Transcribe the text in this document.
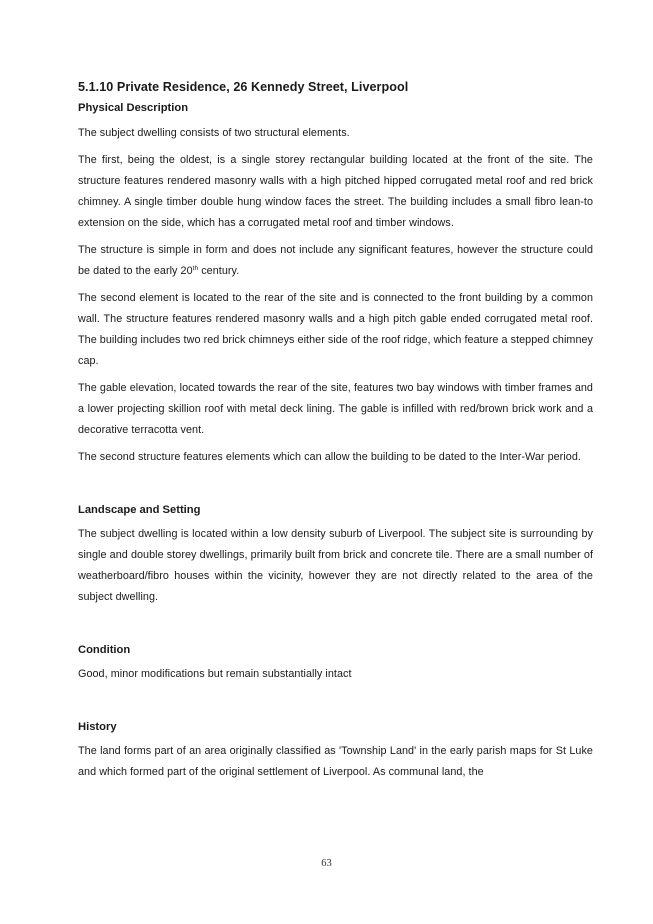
5.1.10 Private Residence, 26 Kennedy Street, Liverpool
Physical Description

The subject dwelling consists of two structural elements.

The first, being the oldest, is a single storey rectangular building located at the front of the site. The structure features rendered masonry walls with a high pitched hipped corrugated metal roof and red brick chimney. A single timber double hung window faces the street. The building includes a small fibro lean-to extension on the side, which has a corrugated metal roof and timber windows.

The structure is simple in form and does not include any significant features, however the structure could be dated to the early 20th century.

The second element is located to the rear of the site and is connected to the front building by a common wall. The structure features rendered masonry walls and a high pitch gable ended corrugated metal roof. The building includes two red brick chimneys either side of the roof ridge, which feature a stepped chimney cap.

The gable elevation, located towards the rear of the site, features two bay windows with timber frames and a lower projecting skillion roof with metal deck lining. The gable is infilled with red/brown brick work and a decorative terracotta vent.

The second structure features elements which can allow the building to be dated to the Inter-War period.

Landscape and Setting

The subject dwelling is located within a low density suburb of Liverpool. The subject site is surrounding by single and double storey dwellings, primarily built from brick and concrete tile. There are a small number of weatherboard/fibro houses within the vicinity, however they are not directly related to the area of the subject dwelling.

Condition

Good, minor modifications but remain substantially intact

History

The land forms part of an area originally classified as 'Township Land' in the early parish maps for St Luke and which formed part of the original settlement of Liverpool. As communal land, the

63
